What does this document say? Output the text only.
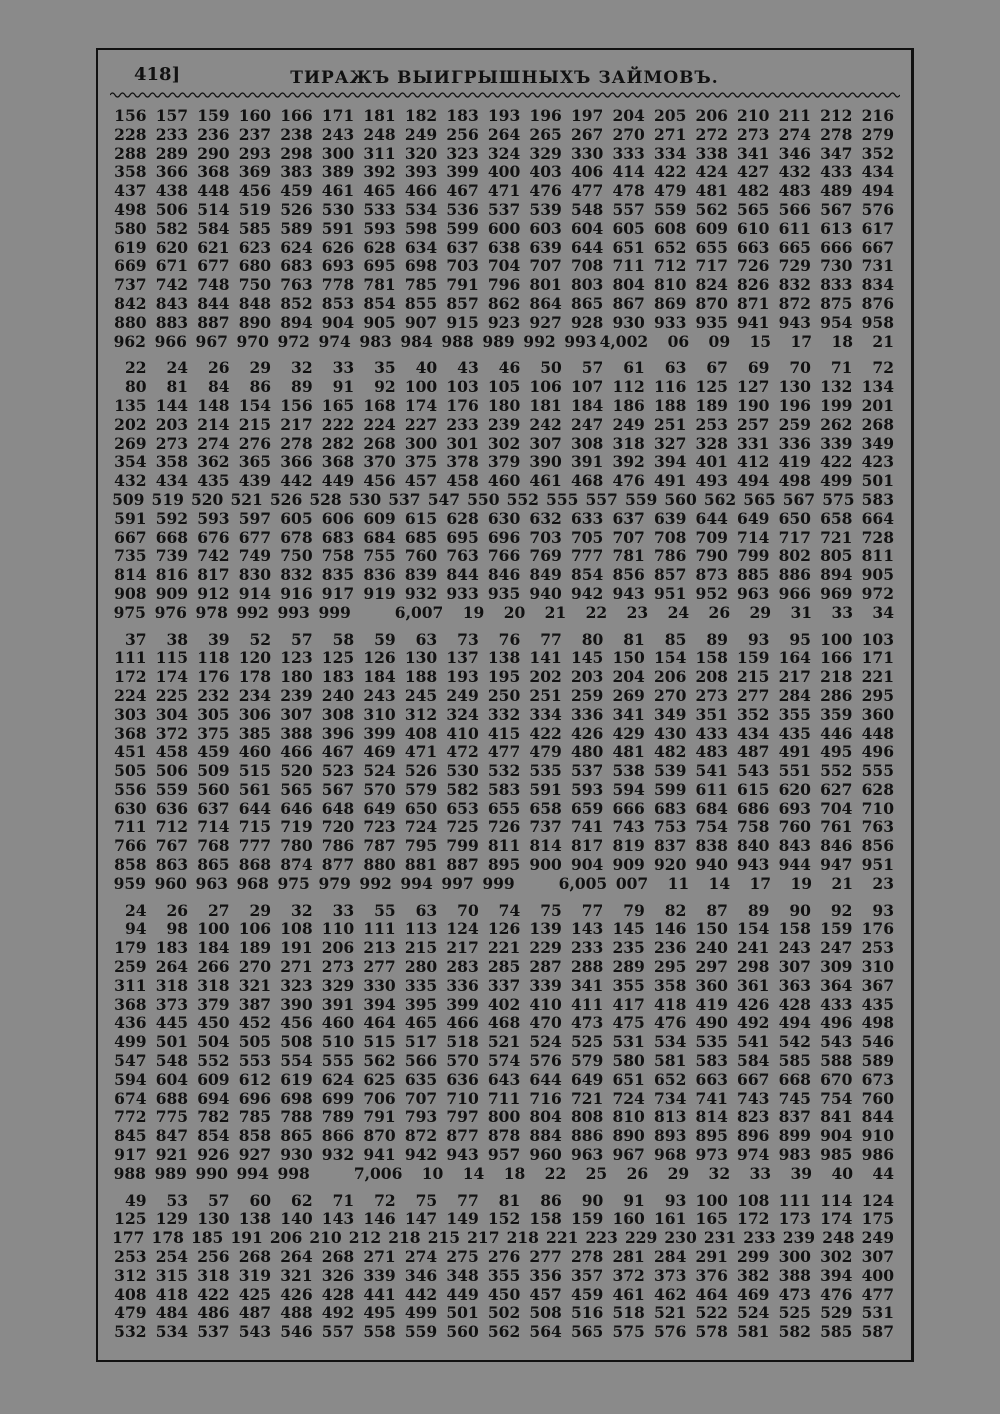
418]	ТИРАЖЪ ВЫИГРЫШНЫХЪ ЗАЙМОВЪ.
156 157 159 160 166 171 181 182 183 193 196 197 204 205 206 210 211 212 216
228 233 236 237 238 243 248 249 256 264 265 267 270 271 272 273 274 278 279
288 289 290 293 298 300 311 320 323 324 329 330 333 334 338 341 346 347 352
358 366 368 369 383 389 392 393 399 400 403 406 414 422 424 427 432 433 434
437 438 448 456 459 461 465 466 467 471 476 477 478 479 481 482 483 489 494
498 506 514 519 526 530 533 534 536 537 539 548 557 559 562 565 566 567 576
580 582 584 585 589 591 593 598 599 600 603 604 605 608 609 610 611 613 617
619 620 621 623 624 626 628 634 637 638 639 644 651 652 655 663 665 666 667
669 671 677 680 683 693 695 698 703 704 707 708 711 712 717 726 729 730 731
737 742 748 750 763 778 781 785 791 796 801 803 804 810 824 826 832 833 834
842 843 844 848 852 853 854 855 857 862 864 865 867 869 870 871 872 875 876
880 883 887 890 894 904 905 907 915 923 927 928 930 933 935 941 943 954 958
962 966 967 970 972 974 983 984 988 989 992 993 4,002	06	09	15	17	18	21
22	24	26	29	32	33	35	40	43	46	50	57	61	63	67	69	70	71	72
80	81	84	86	89	91	92 100 103 105 106 107 112 116 125 127 130 132 134
135 144 148 154 156 165 168 174 176 180 181 184 186 188 189 190 196 199 201
202 203 214 215 217 222 224 227 233 239 242 247 249 251 253 257 259 262 268
269 273 274 276 278 282 268 300 301 302 307 308 318 327 328 331 336 339 349
354 358 362 365 366 368 370 375 378 379 390 391 392 394 401 412 419 422 423
432 434 435 439 442 449 456 457 458 460 461 468 476 491 493 494 498 499 501
509 519 520 521 526 528 530 537 547 550 552 555 557 559 560 562 565 567 575 583
591 592 593 597 605 606 609 615 628 630 632 633 637 639 644 649 650 658 664
667 668 676 677 678 683 684 685 695 696 703 705 707 708 709 714 717 721 728
735 739 742 749 750 758 755 760 763 766 769 777 781 786 790 799 802 805 811
814 816 817 830 832 835 836 839 844 846 849 854 856 857 873 885 886 894 905
908 909 912 914 916 917 919 932 933 935 940 942 943 951 952 963 966 969 972
975 976 978 992 993 999	6,007	19	20	21	22	23	24	26	29	31	33	34
37	38	39	52	57	58	59	63	73	76	77	80	81	85	89	93	95 100 103
111 115 118 120 123 125 126 130 137 138 141 145 150 154 158 159 164 166 171
172 174 176 178 180 183 184 188 193 195 202 203 204 206 208 215 217 218 221
224 225 232 234 239 240 243 245 249 250 251 259 269 270 273 277 284 286 295
303 304 305 306 307 308 310 312 324 332 334 336 341 349 351 352 355 359 360
368 372 375 385 388 396 399 408 410 415 422 426 429 430 433 434 435 446 448
451 458 459 460 466 467 469 471 472 477 479 480 481 482 483 487 491 495 496
505 506 509 515 520 523 524 526 530 532 535 537 538 539 541 543 551 552 555
556 559 560 561 565 567 570 579 582 583 591 593 594 599 611 615 620 627 628
630 636 637 644 646 648 649 650 653 655 658 659 666 683 684 686 693 704 710
711 712 714 715 719 720 723 724 725 726 737 741 743 753 754 758 760 761 763
766 767 768 777 780 786 787 795 799 811 814 817 819 837 838 840 843 846 856
858 863 865 868 874 877 880 881 887 895 900 904 909 920 940 943 944 947 951
959 960 963 968 975 979 992 994 997 999	6,005 007	11	14	17	19	21	23
24	26	27	29	32	33	55	63	70	74	75	77	79	82	87	89	90	92	93
94	98 100 106 108 110 111 113 124 126 139 143 145 146 150 154 158 159 176
179 183 184 189 191 206 213 215 217 221 229 233 235 236 240 241 243 247 253
259 264 266 270 271 273 277 280 283 285 287 288 289 295 297 298 307 309 310
311 318 318 321 323 329 330 335 336 337 339 341 355 358 360 361 363 364 367
368 373 379 387 390 391 394 395 399 402 410 411 417 418 419 426 428 433 435
436 445 450 452 456 460 464 465 466 468 470 473 475 476 490 492 494 496 498
499 501 504 505 508 510 515 517 518 521 524 525 531 534 535 541 542 543 546
547 548 552 553 554 555 562 566 570 574 576 579 580 581 583 584 585 588 589
594 604 609 612 619 624 625 635 636 643 644 649 651 652 663 667 668 670 673
674 688 694 696 698 699 706 707 710 711 716 721 724 734 741 743 745 754 760
772 775 782 785 788 789 791 793 797 800 804 808 810 813 814 823 837 841 844
845 847 854 858 865 866 870 872 877 878 884 886 890 893 895 896 899 904 910
917 921 926 927 930 932 941 942 943 957 960 963 967 968 973 974 983 985 986
988 989 990 994 998	7,006	10	14	18	22	25	26	29	32	33	39	40	44
49	53	57	60	62	71	72	75	77	81	86	90	91	93 100 108 111 114 124
125 129 130 138 140 143 146 147 149 152 158 159 160 161 165 172 173 174 175
177 178 185 191 206 210 212 218 215 217 218 221 223 229 230 231 233 239 248 249
253 254 256 268 264 268 271 274 275 276 277 278 281 284 291 299 300 302 307
312 315 318 319 321 326 339 346 348 355 356 357 372 373 376 382 388 394 400
408 418 422 425 426 428 441 442 449 450 457 459 461 462 464 469 473 476 477
479 484 486 487 488 492 495 499 501 502 508 516 518 521 522 524 525 529 531
532 534 537 543 546 557 558 559 560 562 564 565 575 576 578 581 582 585 587
